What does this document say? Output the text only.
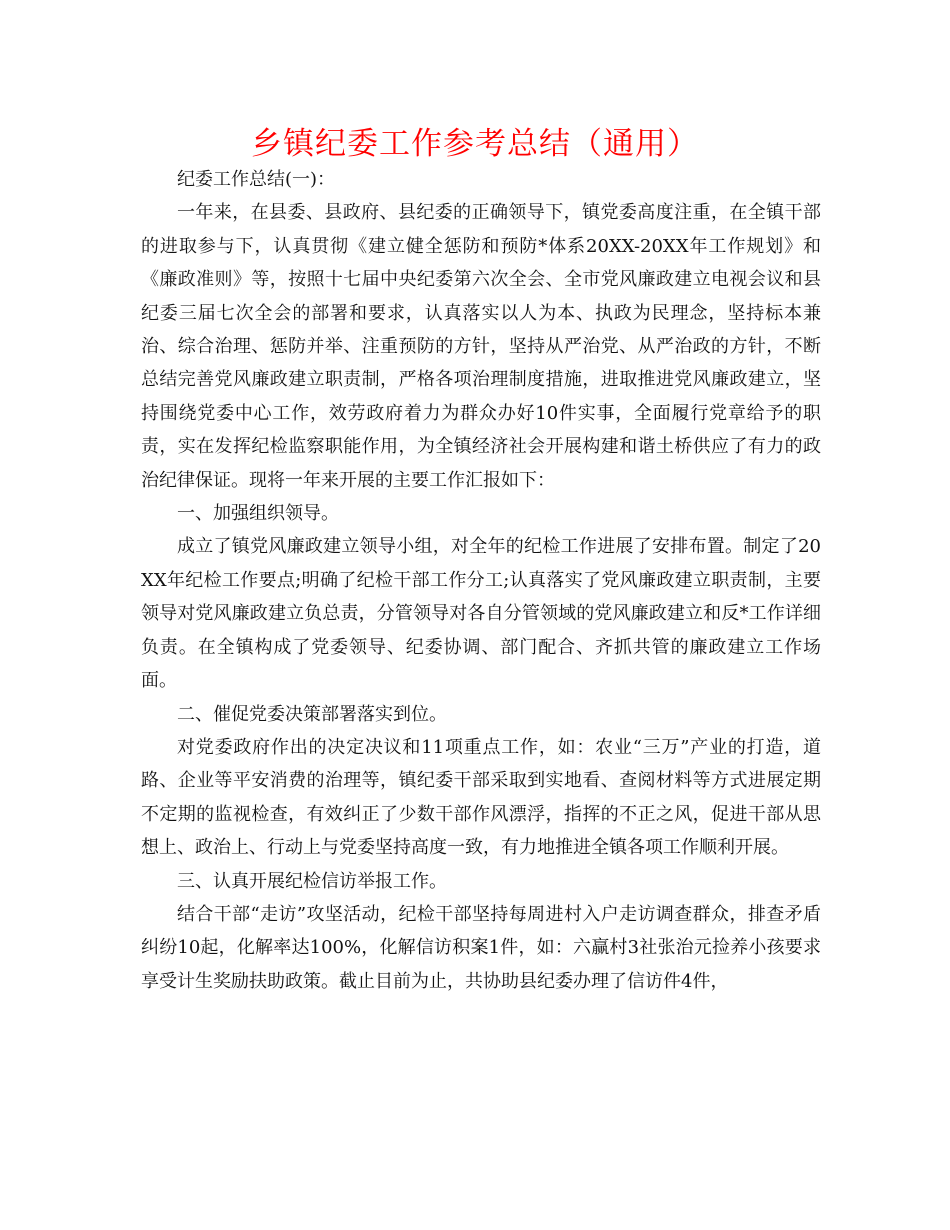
乡镇纪委工作参考总结（通用）

纪委工作总结(一)：

一年来，在县委、县政府、县纪委的正确领导下，镇党委高度注重，在全镇干部的进取参与下，认真贯彻《建立健全惩防和预防*体系20XX-20XX年工作规划》和《廉政准则》等，按照十七届中央纪委第六次全会、全市党风廉政建立电视会议和县纪委三届七次全会的部署和要求，认真落实以人为本、执政为民理念，坚持标本兼治、综合治理、惩防并举、注重预防的方针，坚持从严治党、从严治政的方针，不断总结完善党风廉政建立职责制，严格各项治理制度措施，进取推进党风廉政建立，坚持围绕党委中心工作，效劳政府着力为群众办好10件实事，全面履行党章给予的职责，实在发挥纪检监察职能作用，为全镇经济社会开展构建和谐土桥供应了有力的政治纪律保证。现将一年来开展的主要工作汇报如下：

一、加强组织领导。

成立了镇党风廉政建立领导小组，对全年的纪检工作进展了安排布置。制定了20XX年纪检工作要点;明确了纪检干部工作分工;认真落实了党风廉政建立职责制，主要领导对党风廉政建立负总责，分管领导对各自分管领域的党风廉政建立和反*工作详细负责。在全镇构成了党委领导、纪委协调、部门配合、齐抓共管的廉政建立工作场面。

二、催促党委决策部署落实到位。

对党委政府作出的决定决议和11项重点工作，如：农业“三万”产业的打造，道路、企业等平安消费的治理等，镇纪委干部采取到实地看、查阅材料等方式进展定期不定期的监视检查，有效纠正了少数干部作风漂浮，指挥的不正之风，促进干部从思想上、政治上、行动上与党委坚持高度一致，有力地推进全镇各项工作顺利开展。

三、认真开展纪检信访举报工作。

结合干部“走访”攻坚活动，纪检干部坚持每周进村入户走访调查群众，排查矛盾纠纷10起，化解率达100%，化解信访积案1件，如：六赢村3社张治元捡养小孩要求享受计生奖励扶助政策。截止目前为止，共协助县纪委办理了信访件4件，
